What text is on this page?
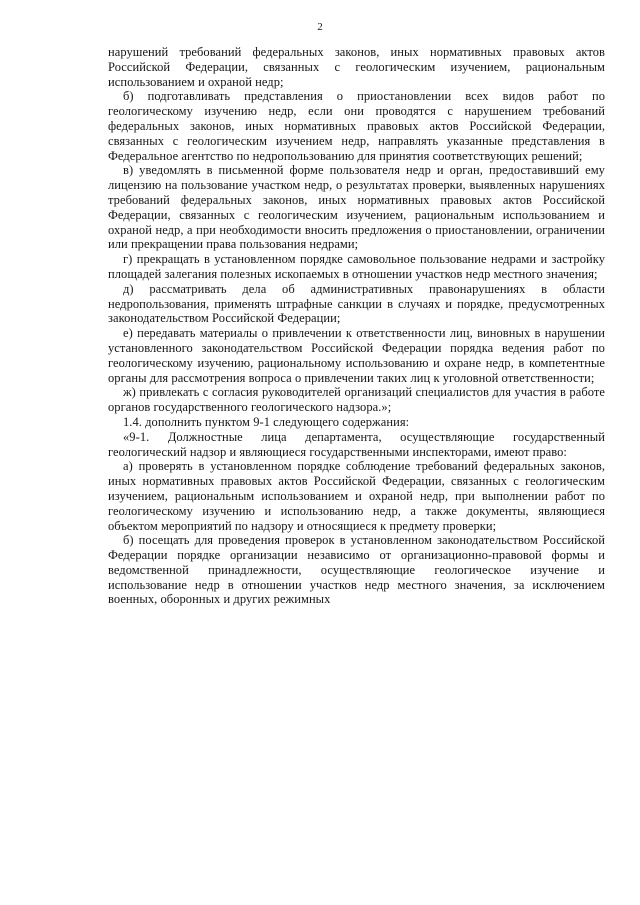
2

нарушений требований федеральных законов, иных нормативных правовых актов Российской Федерации, связанных с геологическим изучением, рациональным использованием и охраной недр;

б) подготавливать представления о приостановлении всех видов работ по геологическому изучению недр, если они проводятся с нарушением требований федеральных законов, иных нормативных правовых актов Российской Федерации, связанных с геологическим изучением недр, направлять указанные представления в Федеральное агентство по недропользованию для принятия соответствующих решений;

в) уведомлять в письменной форме пользователя недр и орган, предоставивший ему лицензию на пользование участком недр, о результатах проверки, выявленных нарушениях требований федеральных законов, иных нормативных правовых актов Российской Федерации, связанных с геологическим изучением, рациональным использованием и охраной недр, а при необходимости вносить предложения о приостановлении, ограничении или прекращении права пользования недрами;

г) прекращать в установленном порядке самовольное пользование недрами и застройку площадей залегания полезных ископаемых в отношении участков недр местного значения;

д) рассматривать дела об административных правонарушениях в области недропользования, применять штрафные санкции в случаях и порядке, предусмотренных законодательством Российской Федерации;

е) передавать материалы о привлечении к ответственности лиц, виновных в нарушении установленного законодательством Российской Федерации порядка ведения работ по геологическому изучению, рациональному использованию и охране недр, в компетентные органы для рассмотрения вопроса о привлечении таких лиц к уголовной ответственности;

ж) привлекать с согласия руководителей организаций специалистов для участия в работе органов государственного геологического надзора.»;

1.4. дополнить пунктом 9-1 следующего содержания:

«9-1. Должностные лица департамента, осуществляющие государственный геологический надзор и являющиеся государственными инспекторами, имеют право:

а) проверять в установленном порядке соблюдение требований федеральных законов, иных нормативных правовых актов Российской Федерации, связанных с геологическим изучением, рациональным использованием и охраной недр, при выполнении работ по геологическому изучению и использованию недр, а также документы, являющиеся объектом мероприятий по надзору и относящиеся к предмету проверки;

б) посещать для проведения проверок в установленном законодательством Российской Федерации порядке организации независимо от организационно-правовой формы и ведомственной принадлежности, осуществляющие геологическое изучение и использование недр в отношении участков недр местного значения, за исключением военных, оборонных и других режимных
